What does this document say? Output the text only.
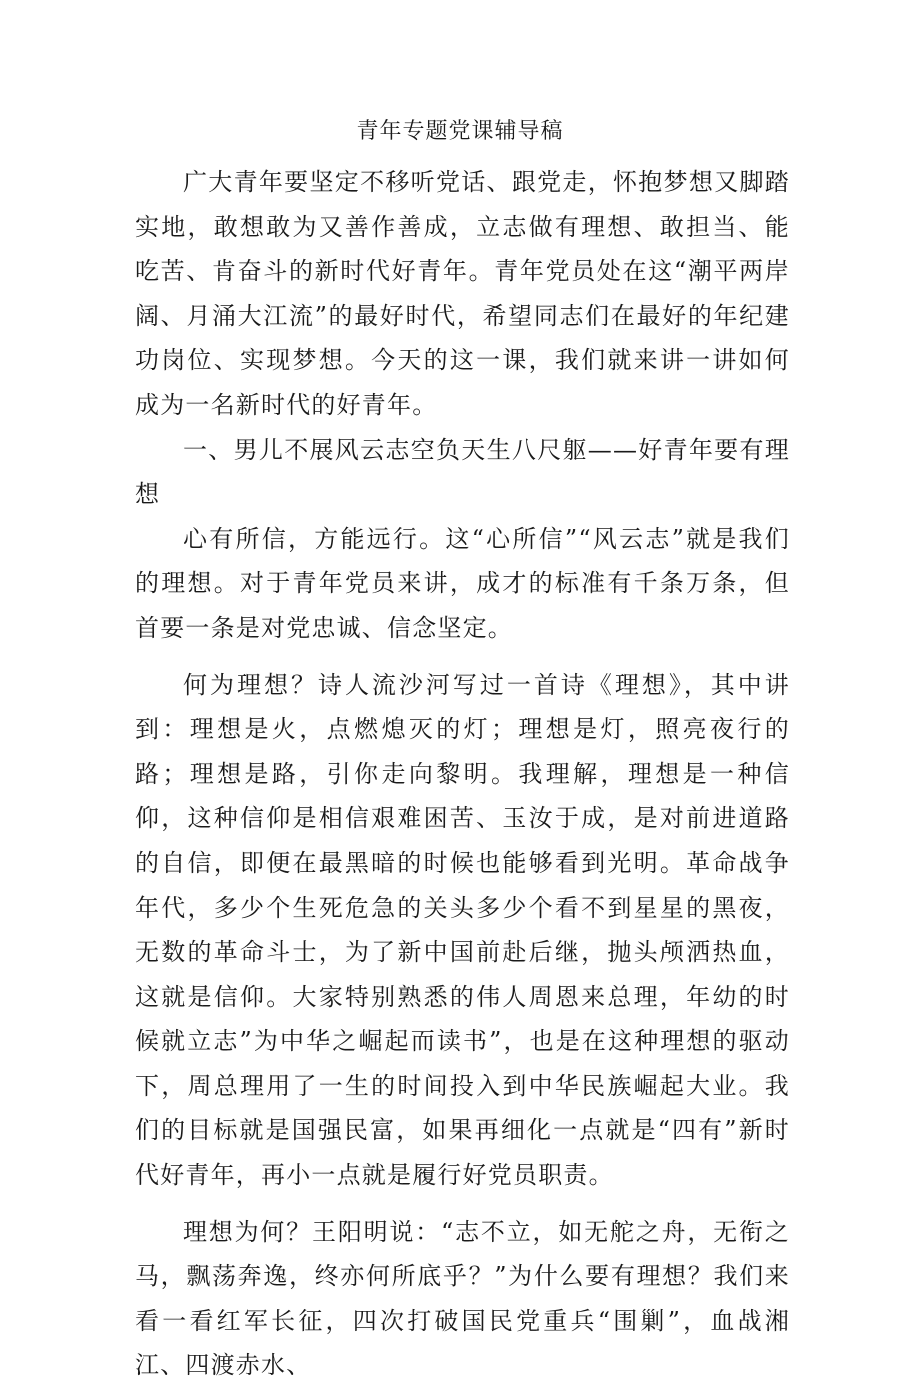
青年专题党课辅导稿

广大青年要坚定不移听党话、跟党走，怀抱梦想又脚踏实地，敢想敢为又善作善成，立志做有理想、敢担当、能吃苦、肯奋斗的新时代好青年。青年党员处在这“潮平两岸阔、月涌大江流”的最好时代，希望同志们在最好的年纪建功岗位、实现梦想。今天的这一课，我们就来讲一讲如何成为一名新时代的好青年。

一、男儿不展风云志空负天生八尺躯——好青年要有理想

心有所信，方能远行。这“心所信”“风云志”就是我们的理想。对于青年党员来讲，成才的标准有千条万条，但首要一条是对党忠诚、信念坚定。

何为理想？诗人流沙河写过一首诗《理想》，其中讲到：理想是火，点燃熄灭的灯；理想是灯，照亮夜行的路；理想是路，引你走向黎明。我理解，理想是一种信仰，这种信仰是相信艰难困苦、玉汝于成，是对前进道路的自信，即便在最黑暗的时候也能够看到光明。革命战争年代，多少个生死危急的关头多少个看不到星星的黑夜，无数的革命斗士，为了新中国前赴后继，抛头颅洒热血，这就是信仰。大家特别熟悉的伟人周恩来总理，年幼的时候就立志”为中华之崛起而读书”，也是在这种理想的驱动下，周总理用了一生的时间投入到中华民族崛起大业。我们的目标就是国强民富，如果再细化一点就是“四有”新时代好青年，再小一点就是履行好党员职责。

理想为何？王阳明说：“志不立，如无舵之舟，无衔之马，飘荡奔逸，终亦何所底乎？”为什么要有理想？我们来看一看红军长征，四次打破国民党重兵“围剿”，血战湘江、四渡赤水、
